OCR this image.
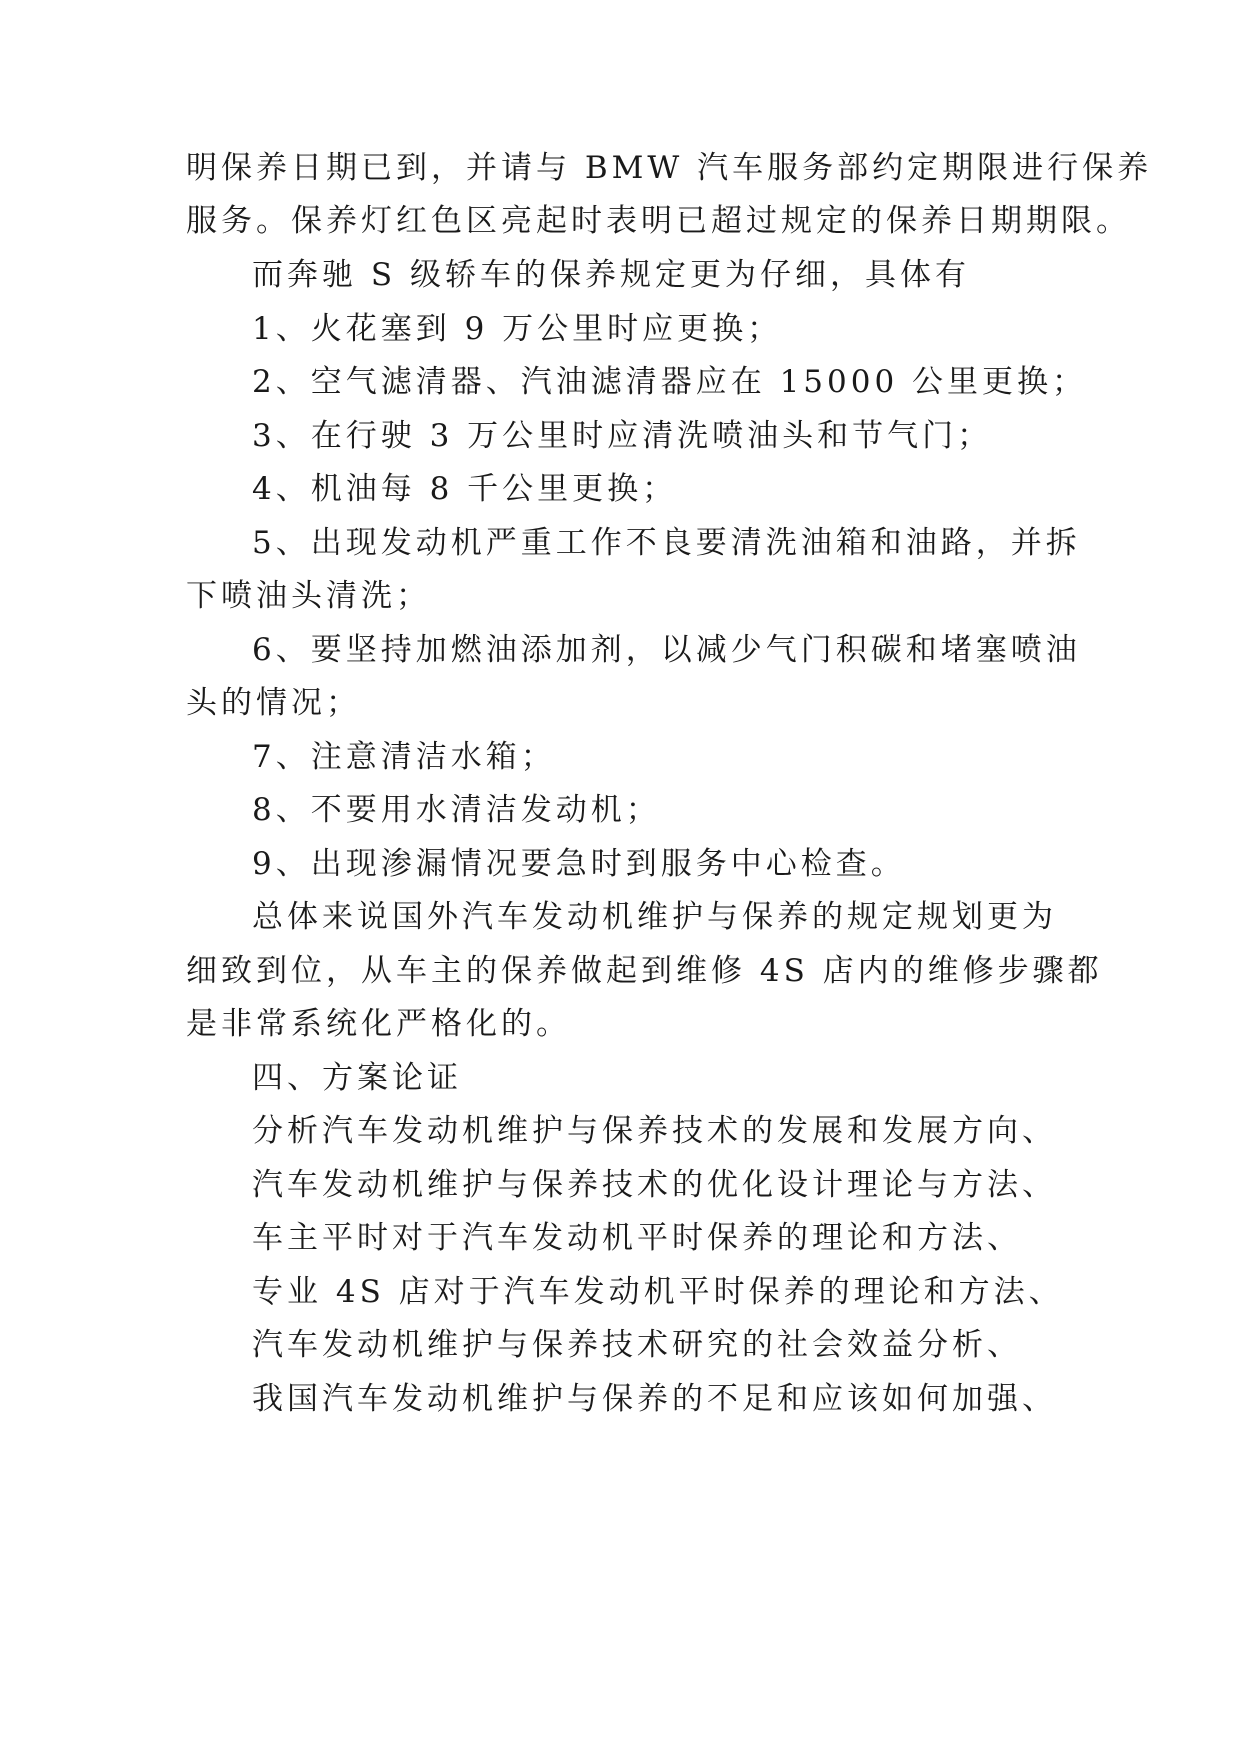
明保养日期已到，并请与 BMW 汽车服务部约定期限进行保养
服务。保养灯红色区亮起时表明已超过规定的保养日期期限。
而奔驰 S 级轿车的保养规定更为仔细，具体有
1、火花塞到 9 万公里时应更换；
2、空气滤清器、汽油滤清器应在 15000 公里更换；
3、在行驶 3 万公里时应清洗喷油头和节气门；
4、机油每 8 千公里更换；
5、出现发动机严重工作不良要清洗油箱和油路，并拆
下喷油头清洗；
6、要坚持加燃油添加剂，以减少气门积碳和堵塞喷油
头的情况；
7、注意清洁水箱；
8、不要用水清洁发动机；
9、出现渗漏情况要急时到服务中心检查。
总体来说国外汽车发动机维护与保养的规定规划更为
细致到位，从车主的保养做起到维修 4S 店内的维修步骤都
是非常系统化严格化的。
四、方案论证
分析汽车发动机维护与保养技术的发展和发展方向、
汽车发动机维护与保养技术的优化设计理论与方法、
车主平时对于汽车发动机平时保养的理论和方法、
专业 4S 店对于汽车发动机平时保养的理论和方法、
汽车发动机维护与保养技术研究的社会效益分析、
我国汽车发动机维护与保养的不足和应该如何加强、
